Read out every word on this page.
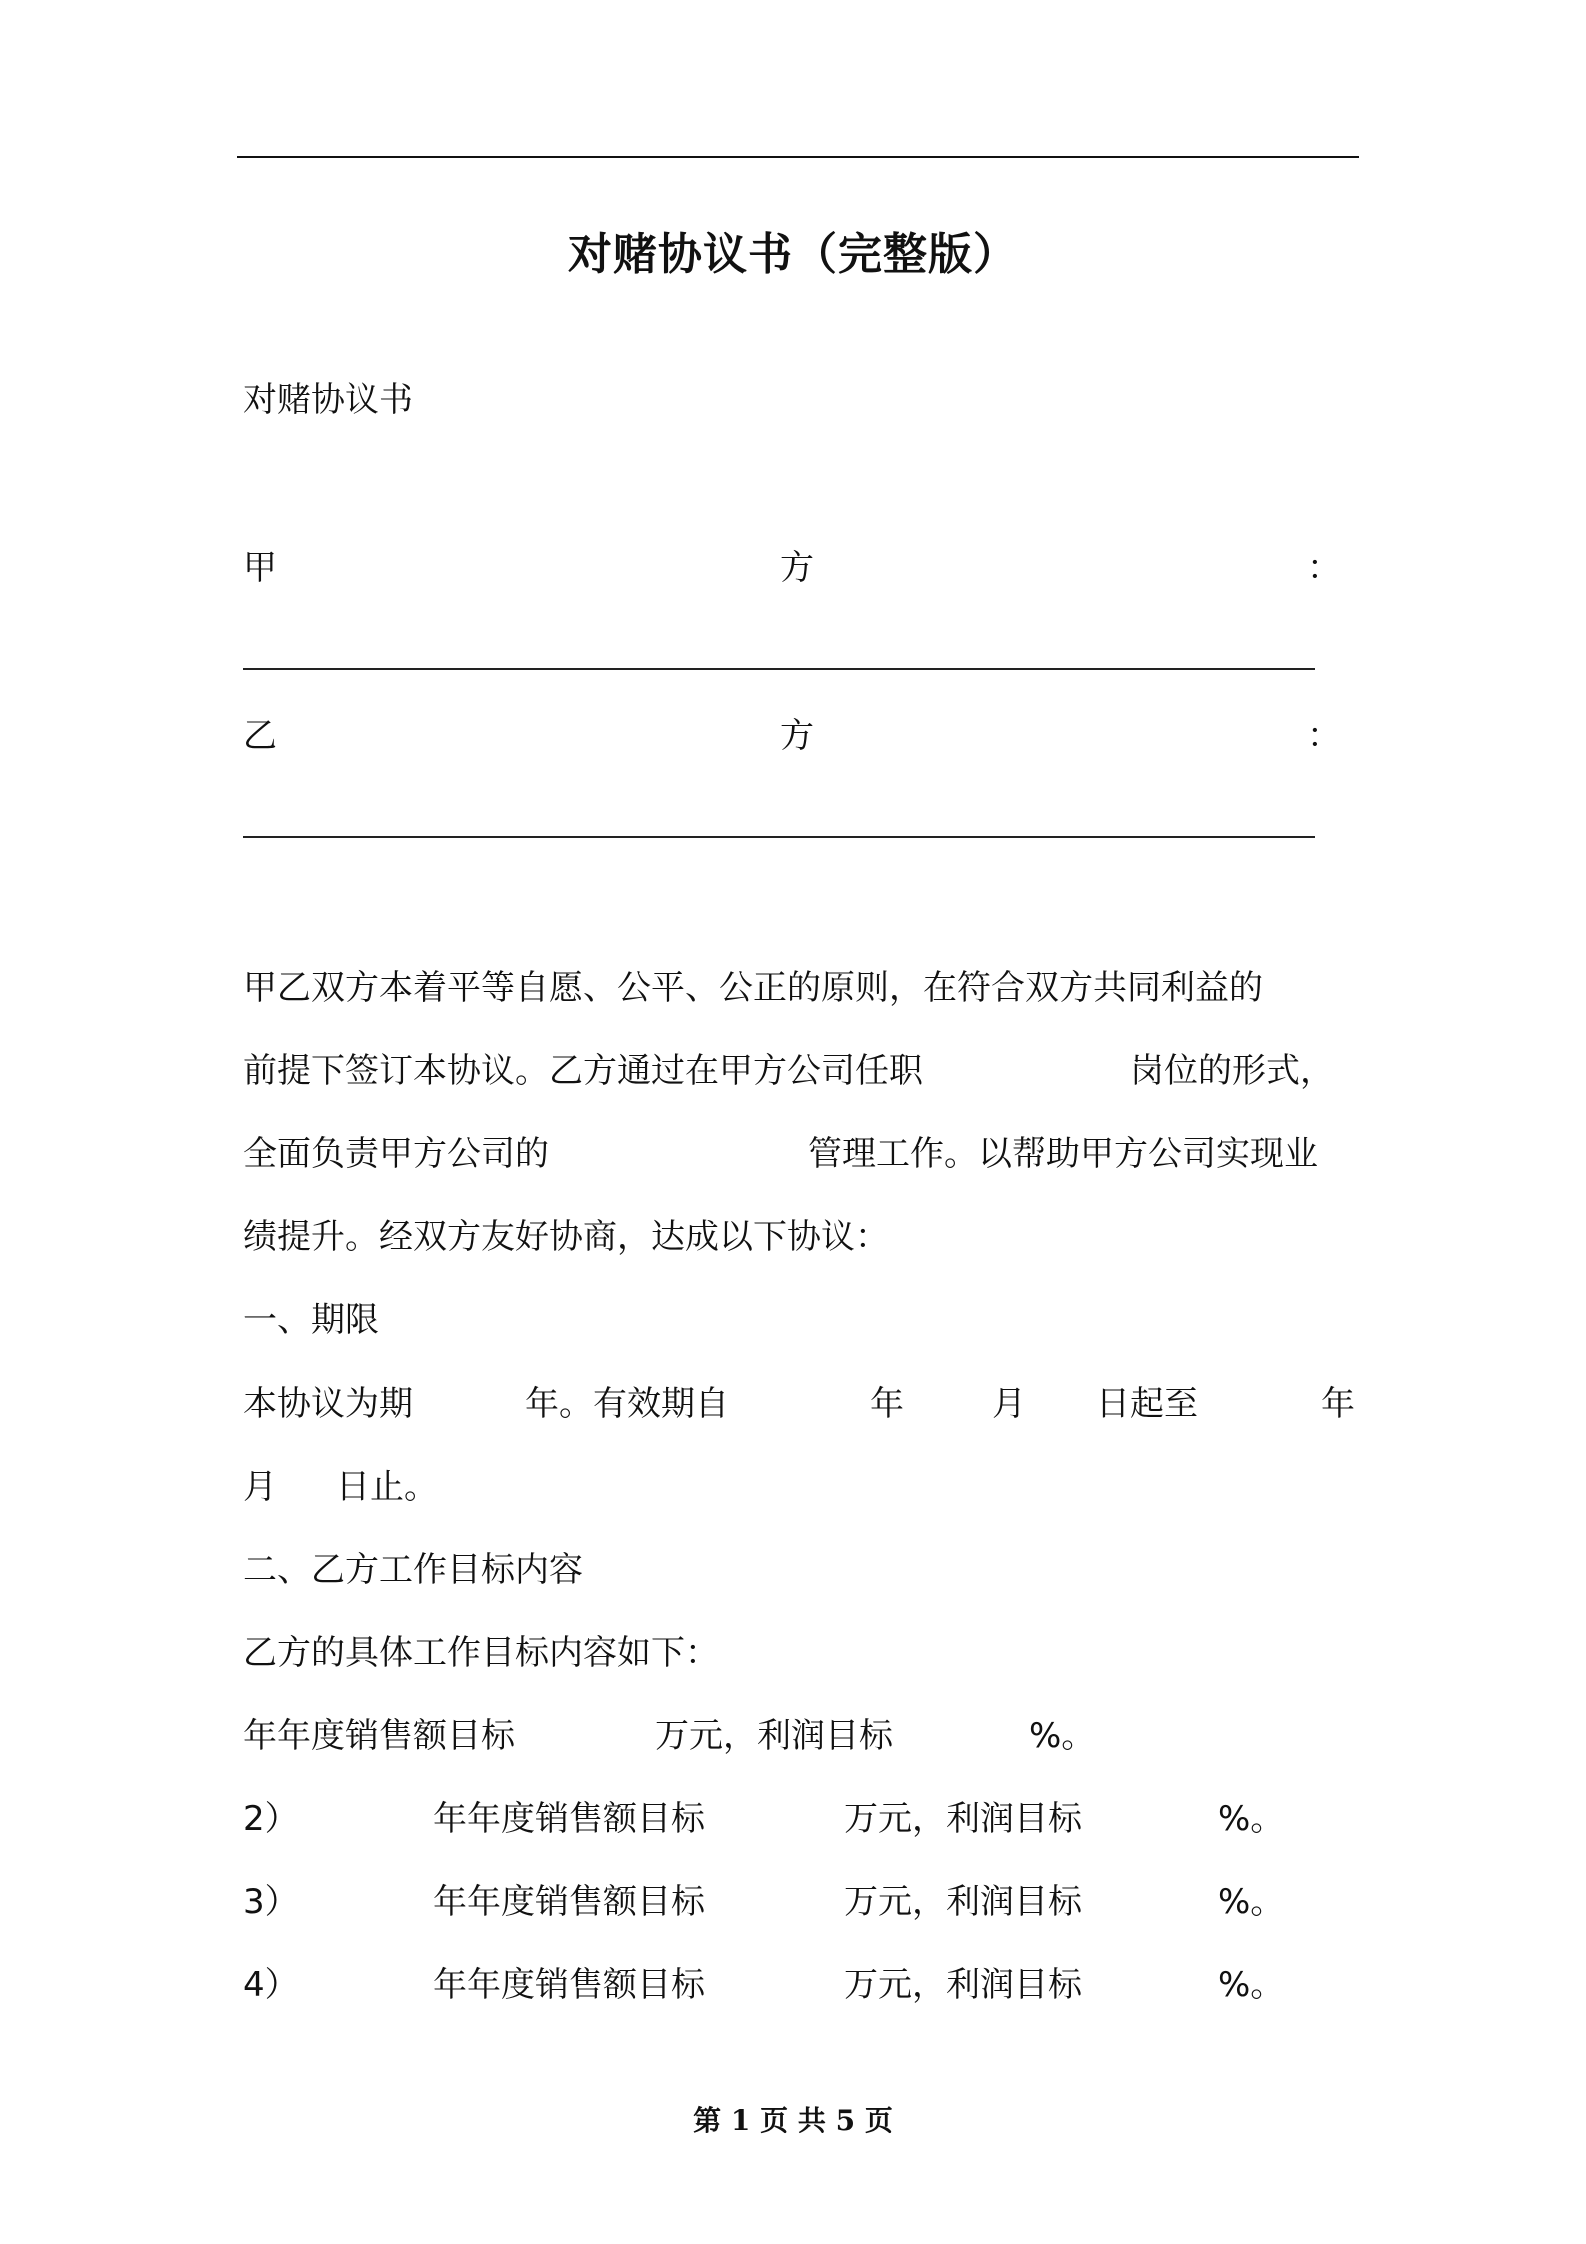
对赌协议书（完整版）
对赌协议书
甲	方	：
乙	方	：
甲乙双方本着平等自愿、公平、公正的原则，在符合双方共同利益的
前提下签订本协议。乙方通过在甲方公司任职	岗位的形式，
全面负责甲方公司的	管理工作。以帮助甲方公司实现业
绩提升。经双方友好协商，达成以下协议：
一、期限
本协议为期	年。有效期自	年	月 日起至	年
月 日止。
二、乙方工作目标内容
乙方的具体工作目标内容如下：
年年度销售额目标	万元，利润目标	%。
2）	年年度销售额目标	万元，利润目标	%。
3）	年年度销售额目标	万元，利润目标	%。
4）	年年度销售额目标	万元，利润目标	%。
第 1 页 共 5 页
